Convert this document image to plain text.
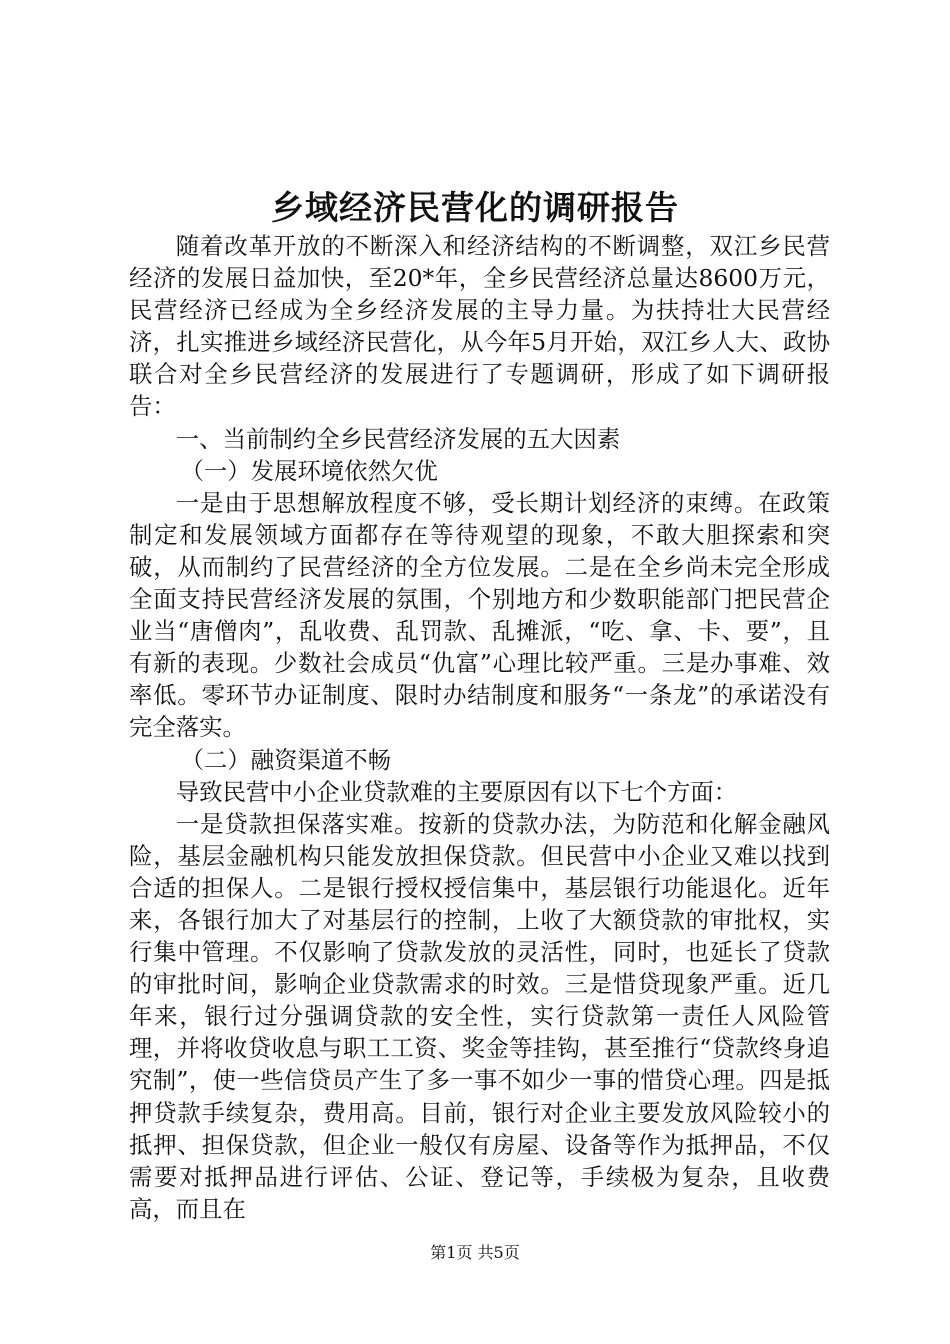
乡域经济民营化的调研报告

随着改革开放的不断深入和经济结构的不断调整，双江乡民营经济的发展日益加快，至20*年，全乡民营经济总量达8600万元，民营经济已经成为全乡经济发展的主导力量。为扶持壮大民营经济，扎实推进乡域经济民营化，从今年5月开始，双江乡人大、政协联合对全乡民营经济的发展进行了专题调研，形成了如下调研报告：

一、当前制约全乡民营经济发展的五大因素

（一）发展环境依然欠优

一是由于思想解放程度不够，受长期计划经济的束缚。在政策制定和发展领域方面都存在等待观望的现象，不敢大胆探索和突破，从而制约了民营经济的全方位发展。二是在全乡尚未完全形成全面支持民营经济发展的氛围，个别地方和少数职能部门把民营企业当“唐僧肉”，乱收费、乱罚款、乱摊派，“吃、拿、卡、要”，且有新的表现。少数社会成员“仇富”心理比较严重。三是办事难、效率低。零环节办证制度、限时办结制度和服务“一条龙”的承诺没有完全落实。

（二）融资渠道不畅

导致民营中小企业贷款难的主要原因有以下七个方面：

一是贷款担保落实难。按新的贷款办法，为防范和化解金融风险，基层金融机构只能发放担保贷款。但民营中小企业又难以找到合适的担保人。二是银行授权授信集中，基层银行功能退化。近年来，各银行加大了对基层行的控制，上收了大额贷款的审批权，实行集中管理。不仅影响了贷款发放的灵活性，同时，也延长了贷款的审批时间，影响企业贷款需求的时效。三是惜贷现象严重。近几年来，银行过分强调贷款的安全性，实行贷款第一责任人风险管理，并将收贷收息与职工工资、奖金等挂钩，甚至推行“贷款终身追究制”，使一些信贷员产生了多一事不如少一事的惜贷心理。四是抵押贷款手续复杂，费用高。目前，银行对企业主要发放风险较小的抵押、担保贷款，但企业一般仅有房屋、设备等作为抵押品，不仅需要对抵押品进行评估、公证、登记等，手续极为复杂，且收费高，而且在

第1页 共5页
